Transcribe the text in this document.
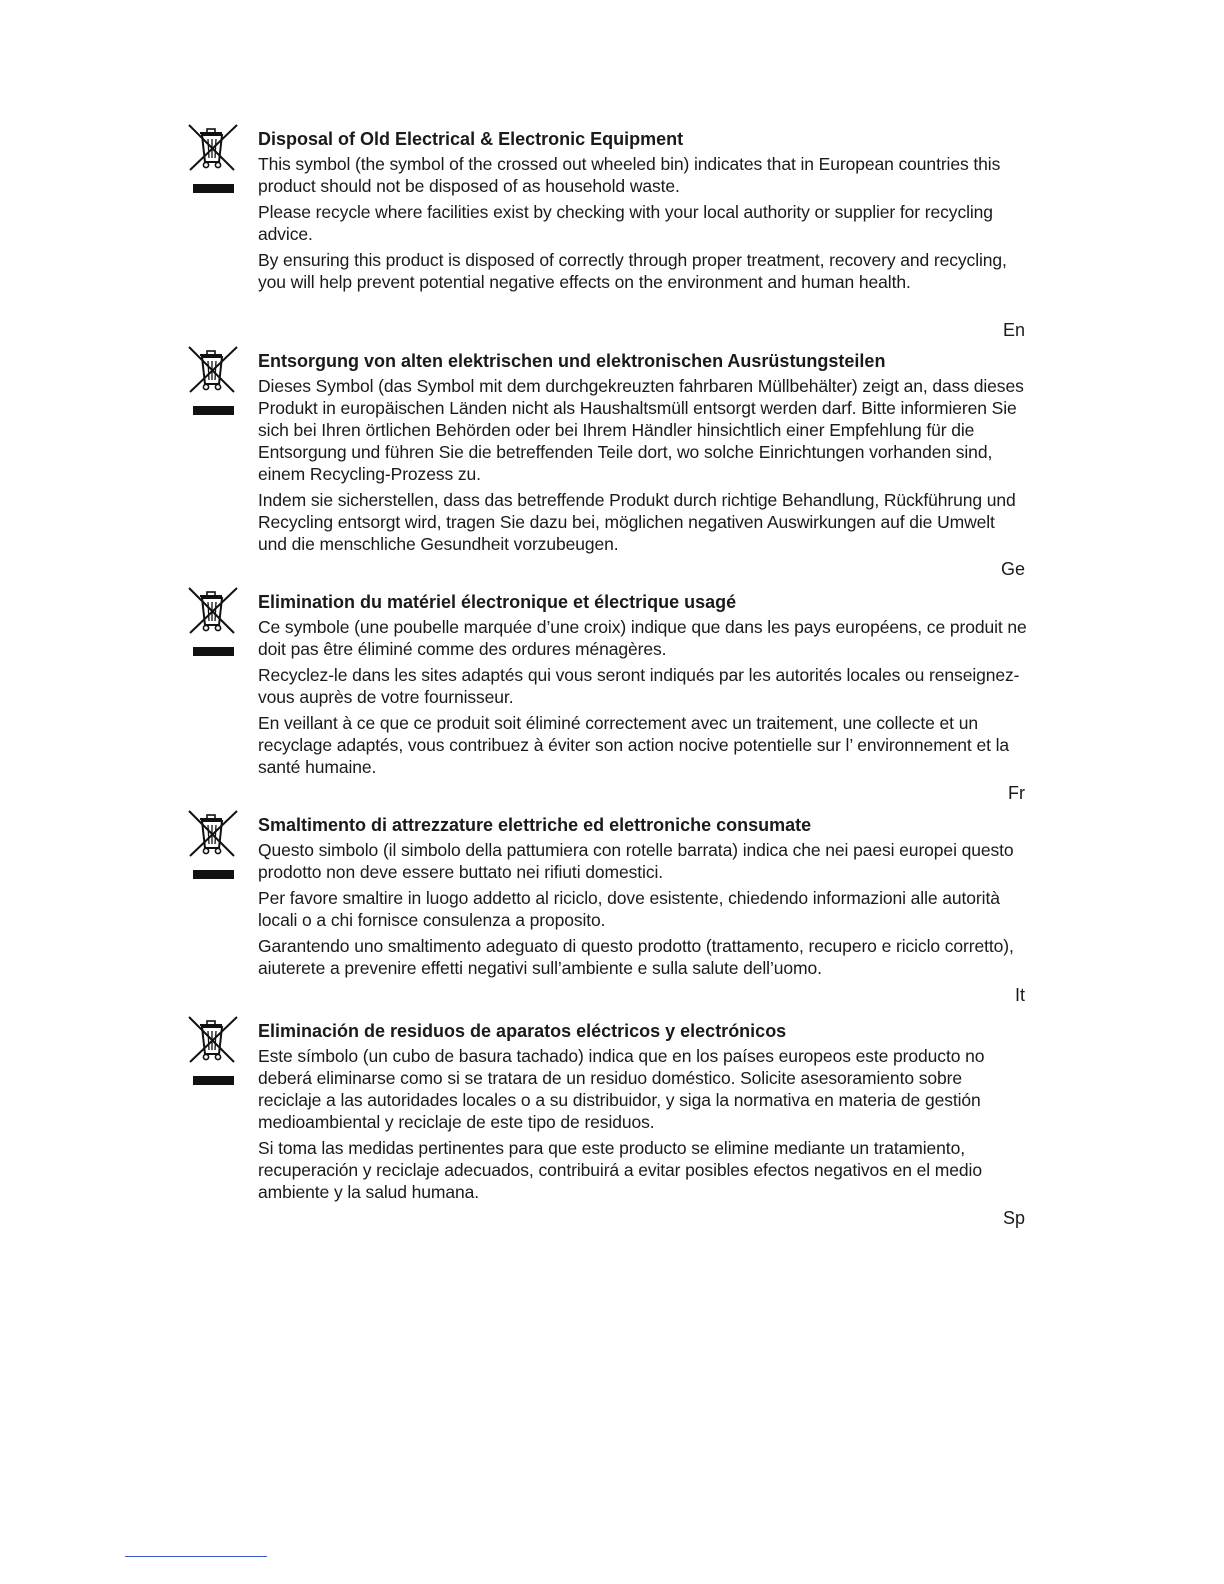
Disposal of Old Electrical & Electronic Equipment

This symbol (the symbol of the crossed out wheeled bin) indicates that in European countries this product should not be disposed of as household waste.

Please recycle where facilities exist by checking with your local authority or supplier for recycling advice.

By ensuring this product is disposed of correctly through proper treatment, recovery and recycling, you will help prevent potential negative effects on the environment and human health.

En
Entsorgung von alten elektrischen und elektronischen Ausrüstungsteilen

Dieses Symbol (das Symbol mit dem durchgekreuzten fahrbaren Müllbehälter) zeigt an, dass dieses Produkt in europäischen Länden nicht als Haushaltsmüll entsorgt werden darf. Bitte informieren Sie sich bei Ihren örtlichen Behörden oder bei Ihrem Händler hinsichtlich einer Empfehlung für die Entsorgung und führen Sie die betreffenden Teile dort, wo solche Einrichtungen vorhanden sind, einem Recycling-Prozess zu.

Indem sie sicherstellen, dass das betreffende Produkt durch richtige Behandlung, Rückführung und Recycling entsorgt wird, tragen Sie dazu bei, möglichen negativen Auswirkungen auf die Umwelt und die menschliche Gesundheit vorzubeugen.

Ge
Elimination du matériel électronique et électrique usagé

Ce symbole (une poubelle marquée d’une croix) indique que dans les pays européens, ce produit ne doit pas être éliminé comme des ordures ménagères.

Recyclez-le dans les sites adaptés qui vous seront indiqués par les autorités locales ou renseignez-vous auprès de votre fournisseur.

En veillant à ce que ce produit soit éliminé correctement avec un traitement, une collecte et un recyclage adaptés, vous contribuez à éviter son action nocive potentielle sur l’ environnement et la santé humaine.

Fr
Smaltimento di attrezzature elettriche ed elettroniche consumate

Questo simbolo (il simbolo della pattumiera con rotelle barrata) indica che nei paesi europei questo prodotto non deve essere buttato nei rifiuti domestici.

Per favore smaltire in luogo addetto al riciclo, dove esistente, chiedendo informazioni alle autorità locali o a chi fornisce consulenza a proposito.

Garantendo uno smaltimento adeguato di questo prodotto (trattamento, recupero e riciclo corretto), aiuterete a prevenire effetti negativi sull’ambiente e sulla salute dell’uomo.

It
Eliminación de residuos de aparatos eléctricos y electrónicos

Este símbolo (un cubo de basura tachado) indica que en los países europeos este producto no deberá eliminarse como si se tratara de un residuo doméstico. Solicite asesoramiento sobre reciclaje a las autoridades locales o a su distribuidor, y siga la normativa en materia de gestión medioambiental y reciclaje de este tipo de residuos.

Si toma las medidas pertinentes para que este producto se elimine mediante un tratamiento, recuperación y reciclaje adecuados, contribuirá a evitar posibles efectos negativos en el medio ambiente y la salud humana.

Sp
